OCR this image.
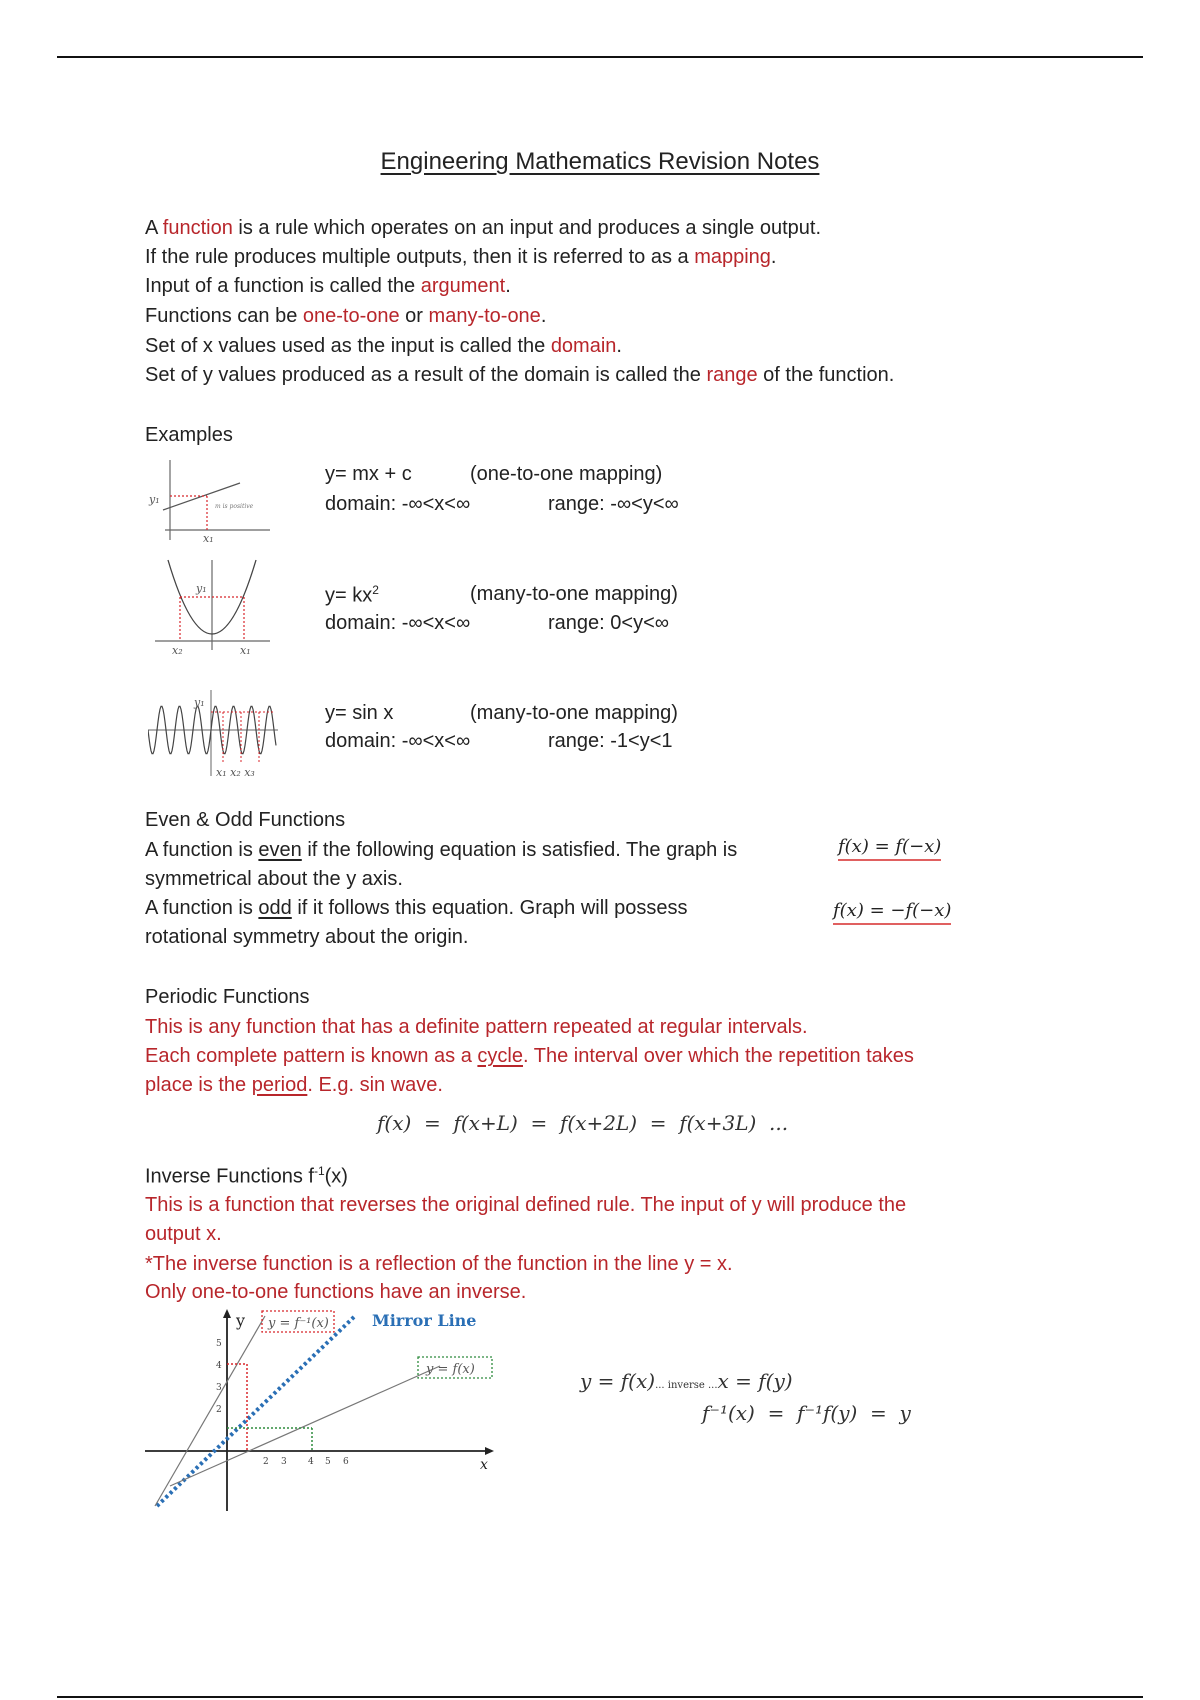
Engineering Mathematics Revision Notes
A function is a rule which operates on an input and produces a single output.
If the rule produces multiple outputs, then it is referred to as a mapping.
Input of a function is called the argument.
Functions can be one-to-one or many-to-one.
Set of x values used as the input is called the domain.
Set of y values produced as a result of the domain is called the range of the function.
Examples
y₁
x₁
m is positive
y= mx + c	(one-to-one mapping)
domain: -∞<x<∞	range: -∞<y<∞
y₁
x₂	x₁
$y= kx^2$	(many-to-one mapping)
domain: -∞<x<∞	range: 0<y<∞
y₁
x₁ x₂ x₃
y= sin x	(many-to-one mapping)
domain: -∞<x<∞	range: -1<y<1
Even & Odd Functions
A function is even if the following equation is satisfied. The graph is
symmetrical about the y axis.
A function is odd if it follows this equation. Graph will possess
rotational symmetry about the origin.
f(x) = f(−x)
f(x) = −f(−x)
Periodic Functions
This is any function that has a definite pattern repeated at regular intervals.
Each complete pattern is known as a cycle. The interval over which the repetition takes
place is the period. E.g. sin wave.
f(x)  =  f(x+L)  =  f(x+2L)  =  f(x+3L)  ...
Inverse Functions $f^{-1}(x)$
This is a function that reverses the original defined rule. The input of y will produce the
output x.
*The inverse function is a reflection of the function in the line y = x.
Only one-to-one functions have an inverse.
y
x
2 3 4 5 6
5
4
3
2
y = f⁻¹(x)	Mirror Line
y = f(x)	y = f(x)... inverse ...x = f(y)
f⁻¹(x)  =  f⁻¹f(y)  =  y
